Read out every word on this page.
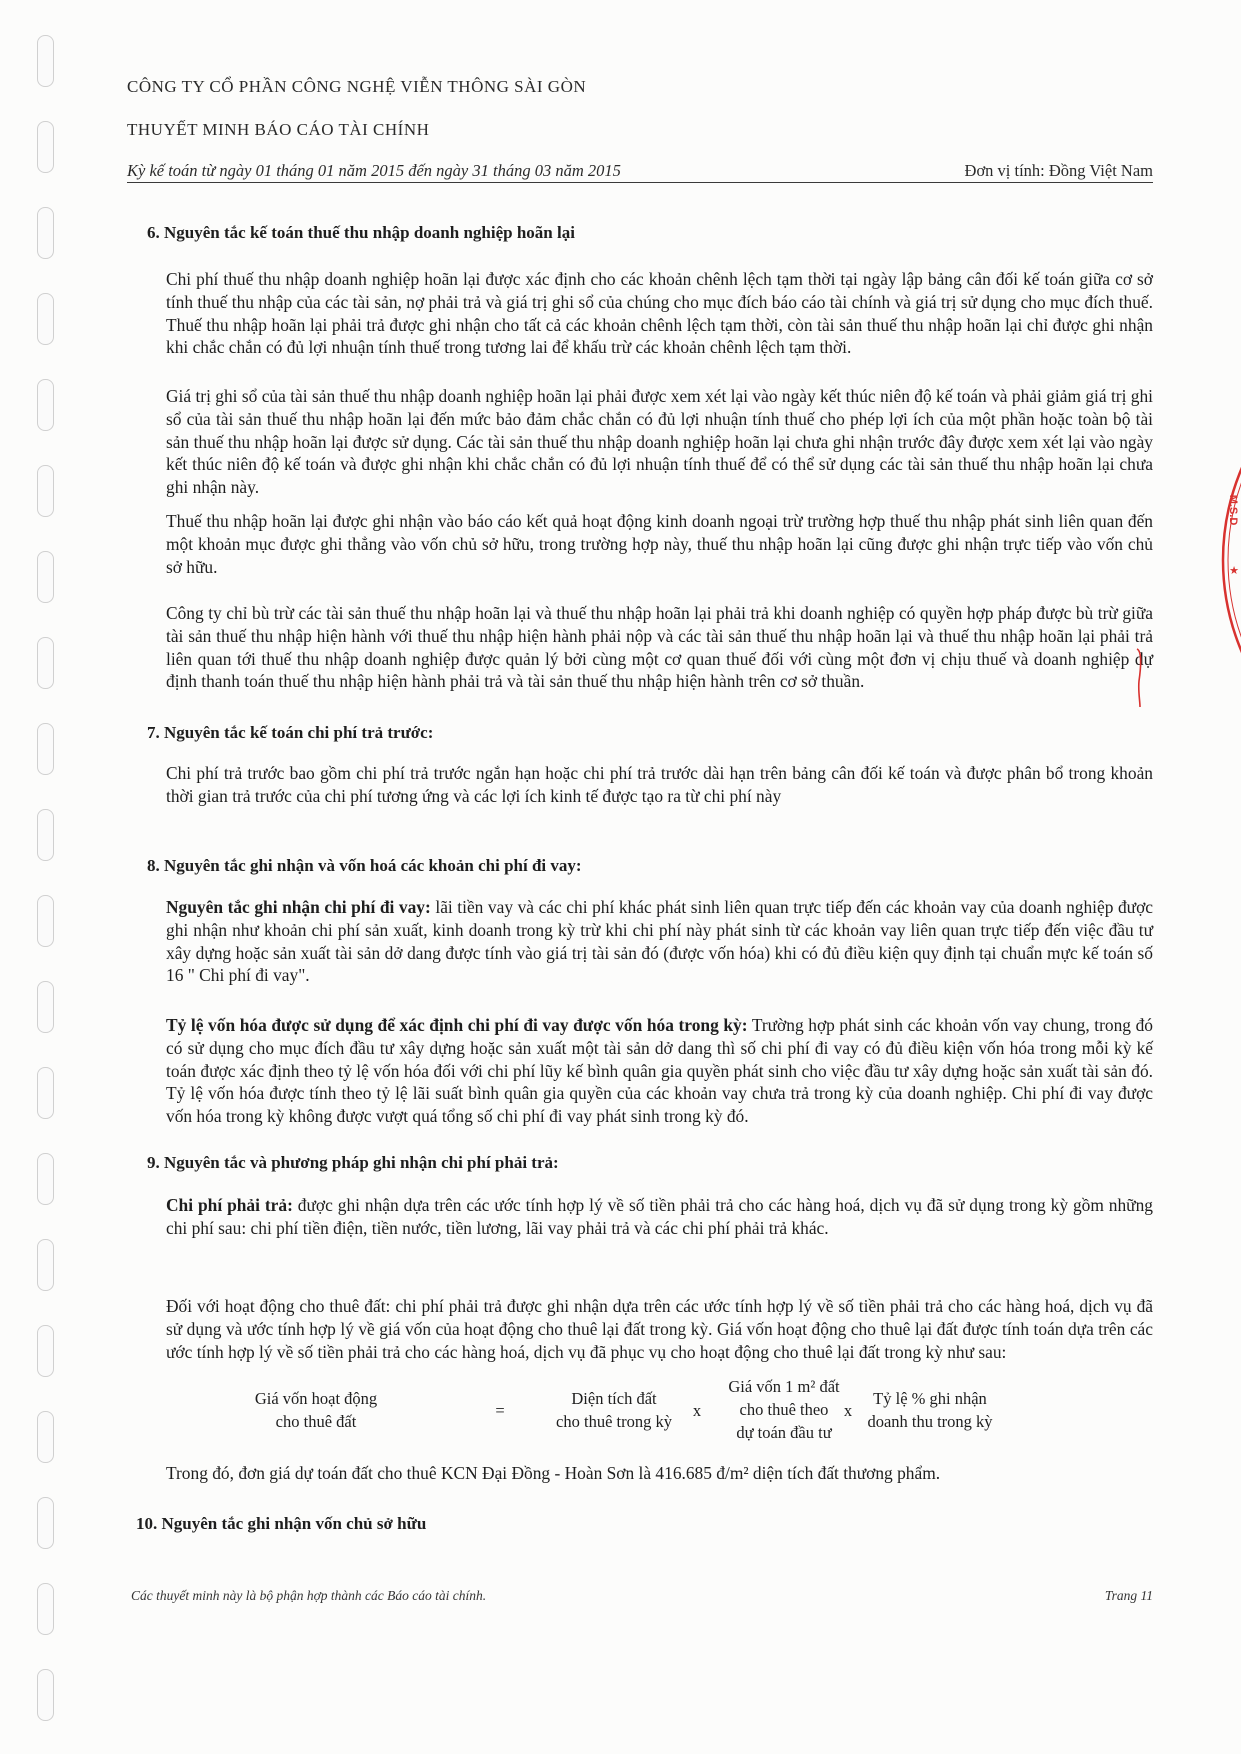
CÔNG TY CỔ PHẦN CÔNG NGHỆ VIỄN THÔNG SÀI GÒN
THUYẾT MINH BÁO CÁO TÀI CHÍNH
Kỳ kế toán từ ngày 01 tháng 01 năm 2015 đến ngày 31 tháng 03 năm 2015	Đơn vị tính: Đồng Việt Nam
6. Nguyên tắc kế toán thuế thu nhập doanh nghiệp hoãn lại
Chi phí thuế thu nhập doanh nghiệp hoãn lại được xác định cho các khoản chênh lệch tạm thời tại ngày lập bảng cân đối kế toán giữa cơ sở tính thuế thu nhập của các tài sản, nợ phải trả và giá trị ghi sổ của chúng cho mục đích báo cáo tài chính và giá trị sử dụng cho mục đích thuế. Thuế thu nhập hoãn lại phải trả được ghi nhận cho tất cả các khoản chênh lệch tạm thời, còn tài sản thuế thu nhập hoãn lại chỉ được ghi nhận khi chắc chắn có đủ lợi nhuận tính thuế trong tương lai để khấu trừ các khoản chênh lệch tạm thời.
Giá trị ghi sổ của tài sản thuế thu nhập doanh nghiệp hoãn lại phải được xem xét lại vào ngày kết thúc niên độ kế toán và phải giảm giá trị ghi sổ của tài sản thuế thu nhập hoãn lại đến mức bảo đảm chắc chắn có đủ lợi nhuận tính thuế cho phép lợi ích của một phần hoặc toàn bộ tài sản thuế thu nhập hoãn lại được sử dụng. Các tài sản thuế thu nhập doanh nghiệp hoãn lại chưa ghi nhận trước đây được xem xét lại vào ngày kết thúc niên độ kế toán và được ghi nhận khi chắc chắn có đủ lợi nhuận tính thuế để có thể sử dụng các tài sản thuế thu nhập hoãn lại chưa ghi nhận này.
Thuế thu nhập hoãn lại được ghi nhận vào báo cáo kết quả hoạt động kinh doanh ngoại trừ trường hợp thuế thu nhập phát sinh liên quan đến một khoản mục được ghi thẳng vào vốn chủ sở hữu, trong trường hợp này, thuế thu nhập hoãn lại cũng được ghi nhận trực tiếp vào vốn chủ sở hữu.
Công ty chỉ bù trừ các tài sản thuế thu nhập hoãn lại và thuế thu nhập hoãn lại phải trả khi doanh nghiệp có quyền hợp pháp được bù trừ giữa tài sản thuế thu nhập hiện hành với thuế thu nhập hiện hành phải nộp và các tài sản thuế thu nhập hoãn lại và thuế thu nhập hoãn lại phải trả liên quan tới thuế thu nhập doanh nghiệp được quản lý bởi cùng một cơ quan thuế đối với cùng một đơn vị chịu thuế và doanh nghiệp dự định thanh toán thuế thu nhập hiện hành phải trả và tài sản thuế thu nhập hiện hành trên cơ sở thuần.
7. Nguyên tắc kế toán chi phí trả trước:
Chi phí trả trước bao gồm chi phí trả trước ngắn hạn hoặc chi phí trả trước dài hạn trên bảng cân đối kế toán và được phân bổ trong khoản thời gian trả trước của chi phí tương ứng và các lợi ích kinh tế được tạo ra từ chi phí này
8. Nguyên tắc ghi nhận và vốn hoá các khoản chi phí đi vay:
Nguyên tắc ghi nhận chi phí đi vay: lãi tiền vay và các chi phí khác phát sinh liên quan trực tiếp đến các khoản vay của doanh nghiệp được ghi nhận như khoản chi phí sản xuất, kinh doanh trong kỳ trừ khi chi phí này phát sinh từ các khoản vay liên quan trực tiếp đến việc đầu tư xây dựng hoặc sản xuất tài sản dở dang được tính vào giá trị tài sản đó (được vốn hóa) khi có đủ điều kiện quy định tại chuẩn mực kế toán số 16 " Chi phí đi vay".
Tỷ lệ vốn hóa được sử dụng để xác định chi phí đi vay được vốn hóa trong kỳ: Trường hợp phát sinh các khoản vốn vay chung, trong đó có sử dụng cho mục đích đầu tư xây dựng hoặc sản xuất một tài sản dở dang thì số chi phí đi vay có đủ điều kiện vốn hóa trong mỗi kỳ kế toán được xác định theo tỷ lệ vốn hóa đối với chi phí lũy kế bình quân gia quyền phát sinh cho việc đầu tư xây dựng hoặc sản xuất tài sản đó. Tỷ lệ vốn hóa được tính theo tỷ lệ lãi suất bình quân gia quyền của các khoản vay chưa trả trong kỳ của doanh nghiệp. Chi phí đi vay được vốn hóa trong kỳ không được vượt quá tổng số chi phí đi vay phát sinh trong kỳ đó.
9. Nguyên tắc và phương pháp ghi nhận chi phí phải trả:
Chi phí phải trả: được ghi nhận dựa trên các ước tính hợp lý về số tiền phải trả cho các hàng hoá, dịch vụ đã sử dụng trong kỳ gồm những chi phí sau: chi phí tiền điện, tiền nước, tiền lương, lãi vay phải trả và các chi phí phải trả khác.
Đối với hoạt động cho thuê đất: chi phí phải trả được ghi nhận dựa trên các ước tính hợp lý về số tiền phải trả cho các hàng hoá, dịch vụ đã sử dụng và ước tính hợp lý về giá vốn của hoạt động cho thuê lại đất trong kỳ. Giá vốn hoạt động cho thuê lại đất được tính toán dựa trên các ước tính hợp lý về số tiền phải trả cho các hàng hoá, dịch vụ đã phục vụ cho hoạt động cho thuê lại đất trong kỳ như sau:
Giá vốn hoạt động
cho thuê đất
=
Diện tích đất
cho thuê trong kỳ
x
Giá vốn 1 m² đất
cho thuê theo
dự toán đầu tư
x
Tỷ lệ % ghi nhận
doanh thu trong kỳ
Trong đó, đơn giá dự toán đất cho thuê KCN Đại Đồng - Hoàn Sơn là 416.685 đ/m² diện tích đất thương phẩm.
10. Nguyên tắc ghi nhận vốn chủ sở hữu
Các thuyết minh này là bộ phận hợp thành các Báo cáo tài chính.	Trang 11
M.S.D
★
